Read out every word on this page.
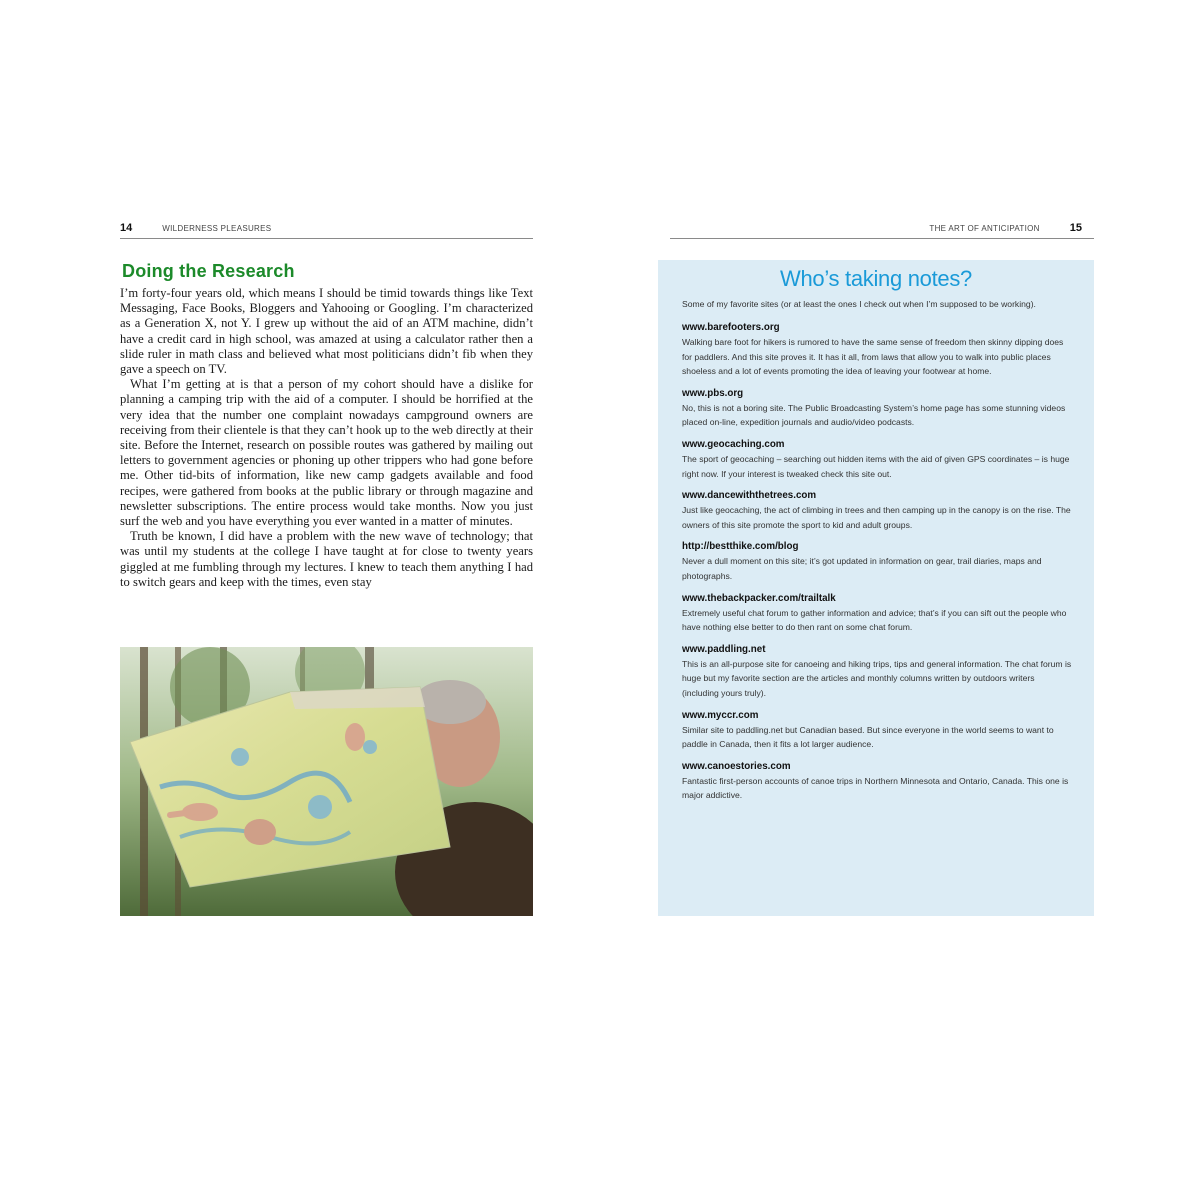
14	WILDERNESS PLEASURES
Doing the Research

I’m forty-four years old, which means I should be timid towards things like Text Messaging, Face Books, Bloggers and Yahooing or Googling. I’m characterized as a Generation X, not Y. I grew up without the aid of an ATM machine, didn’t have a credit card in high school, was amazed at using a calculator rather then a slide ruler in math class and believed what most politicians didn’t fib when they gave a speech on TV.

What I’m getting at is that a person of my cohort should have a dislike for planning a camping trip with the aid of a computer. I should be horrified at the very idea that the number one complaint nowadays campground owners are receiving from their clientele is that they can’t hook up to the web directly at their site. Before the Internet, research on possible routes was gathered by mailing out letters to government agencies or phoning up other trippers who had gone before me. Other tid-bits of information, like new camp gadgets available and food recipes, were gathered from books at the public library or through magazine and newsletter subscriptions. The entire process would take months. Now you just surf the web and you have everything you ever wanted in a matter of minutes.

Truth be known, I did have a problem with the new wave of technology; that was until my students at the college I have taught at for close to twenty years giggled at me fumbling through my lectures. I knew to teach them anything I had to switch gears and keep with the times, even stay

THE ART OF ANTICIPATION	15
Who’s taking notes?
Some of my favorite sites (or at least the ones I check out when I’m supposed to be working).
www.barefooters.org
Walking bare foot for hikers is rumored to have the same sense of freedom then skinny dipping does for paddlers. And this site proves it. It has it all, from laws that allow you to walk into public places shoeless and a lot of events promoting the idea of leaving your footwear at home.
www.pbs.org
No, this is not a boring site. The Public Broadcasting System’s home page has some stunning videos placed on-line, expedition journals and audio/video podcasts.
www.geocaching.com
The sport of geocaching – searching out hidden items with the aid of given GPS coordinates – is huge right now. If your interest is tweaked check this site out.
www.dancewiththetrees.com
Just like geocaching, the act of climbing in trees and then camping up in the canopy is on the rise. The owners of this site promote the sport to kid and adult groups.
http://bestthike.com/blog
Never a dull moment on this site; it’s got updated in information on gear, trail diaries, maps and photographs.
www.thebackpacker.com/trailtalk
Extremely useful chat forum to gather information and advice; that’s if you can sift out the people who have nothing else better to do then rant on some chat forum.
www.paddling.net
This is an all-purpose site for canoeing and hiking trips, tips and general information. The chat forum is huge but my favorite section are the articles and monthly columns written by outdoors writers (including yours truly).
www.myccr.com
Similar site to paddling.net but Canadian based. But since everyone in the world seems to want to paddle in Canada, then it fits a lot larger audience.
www.canoestories.com
Fantastic first-person accounts of canoe trips in Northern Minnesota and Ontario, Canada. This one is major addictive.
